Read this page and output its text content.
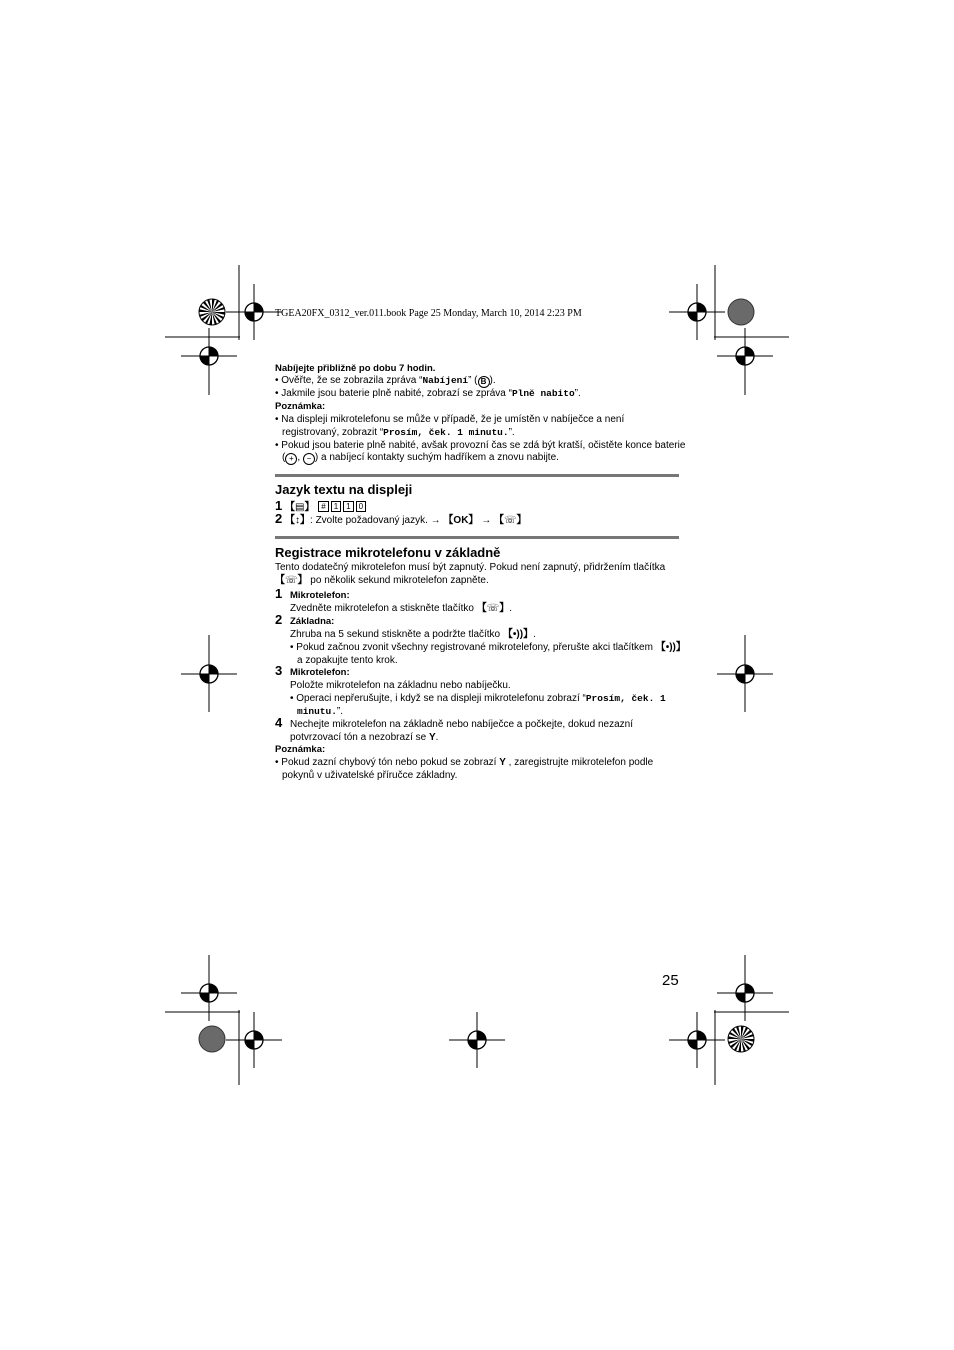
TGEA20FX_0312_ver.011.book Page 25 Monday, March 10, 2014 2:23 PM
Nabíjejte přibližně po dobu 7 hodin.
• Ověřte, že se zobrazila zpráva “Nabíjení” ( B ).
• Jakmile jsou baterie plně nabité, zobrazí se zpráva “Plně nabito”.
Poznámka:
• Na displeji mikrotelefonu se může v případě, že je umístěn v nabíječce a není
registrovaný, zobrazit “Prosím, ček. 1 minutu.”.
• Pokud jsou baterie plně nabité, avšak provozní čas se zdá být kratší, očistěte konce baterie
( + , − ) a nabíjecí kontakty suchým hadříkem a znovu nabijte.
Jazyk textu na displeji
1 【▤】 # 1 1 0
2 【↕】: Zvolte požadovaný jazyk. → 【OK】 → 【☏】
Registrace mikrotelefonu v základně
Tento dodatečný mikrotelefon musí být zapnutý. Pokud není zapnutý, přidržením tlačítka
【☏】 po několik sekund mikrotelefon zapněte.
1 Mikrotelefon:
Zvedněte mikrotelefon a stiskněte tlačítko 【☏】.
2 Základna:
Zhruba na 5 sekund stiskněte a podržte tlačítko 【•))】.
• Pokud začnou zvonit všechny registrované mikrotelefony, přerušte akci tlačítkem 【•))】
a zopakujte tento krok.
3 Mikrotelefon:
Položte mikrotelefon na základnu nebo nabíječku.
• Operaci nepřerušujte, i když se na displeji mikrotelefonu zobrazí “Prosím, ček. 1
minutu.”.
4 Nechejte mikrotelefon na základně nebo nabíječce a počkejte, dokud nezazní
potvrzovací tón a nezobrazí se Y.
Poznámka:
• Pokud zazní chybový tón nebo pokud se zobrazí Y , zaregistrujte mikrotelefon podle
pokynů v uživatelské příručce základny.
25
